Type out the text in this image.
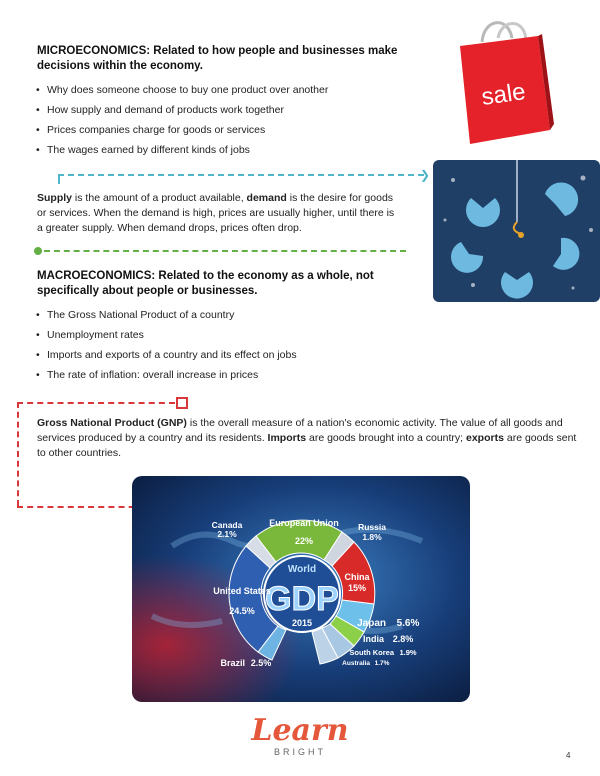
MICROECONOMICS: Related to how people and businesses make decisions within the economy.
• Why does someone choose to buy one product over another
• How supply and demand of products work together
• Prices companies charge for goods or services
• The wages earned by different kinds of jobs
sale
❯
Supply is the amount of a product available, demand is the desire for goods or services. When the demand is high, prices are usually higher, until there is a greater supply. When demand drops, prices often drop.
MACROECONOMICS: Related to the economy as a whole, not specifically about people or businesses.
• The Gross National Product of a country
• Unemployment rates
• Imports and exports of a country and its effect on jobs
• The rate of inflation: overall increase in prices
Gross National Product (GNP) is the overall measure of a nation's economic activity. The value of all goods and services produced by a country and its residents. Imports are goods brought into a country; exports are goods sent to other countries.
World
GDP
2015
Canada
2.1%
European Union
22%
Russia
1.8%
China
15%
United States
24.5%
Japan 5.6%
India 2.8%
South Korea 1.9%
Australia 1.7%
Brazil 2.5%
Learn
BRIGHT	4
